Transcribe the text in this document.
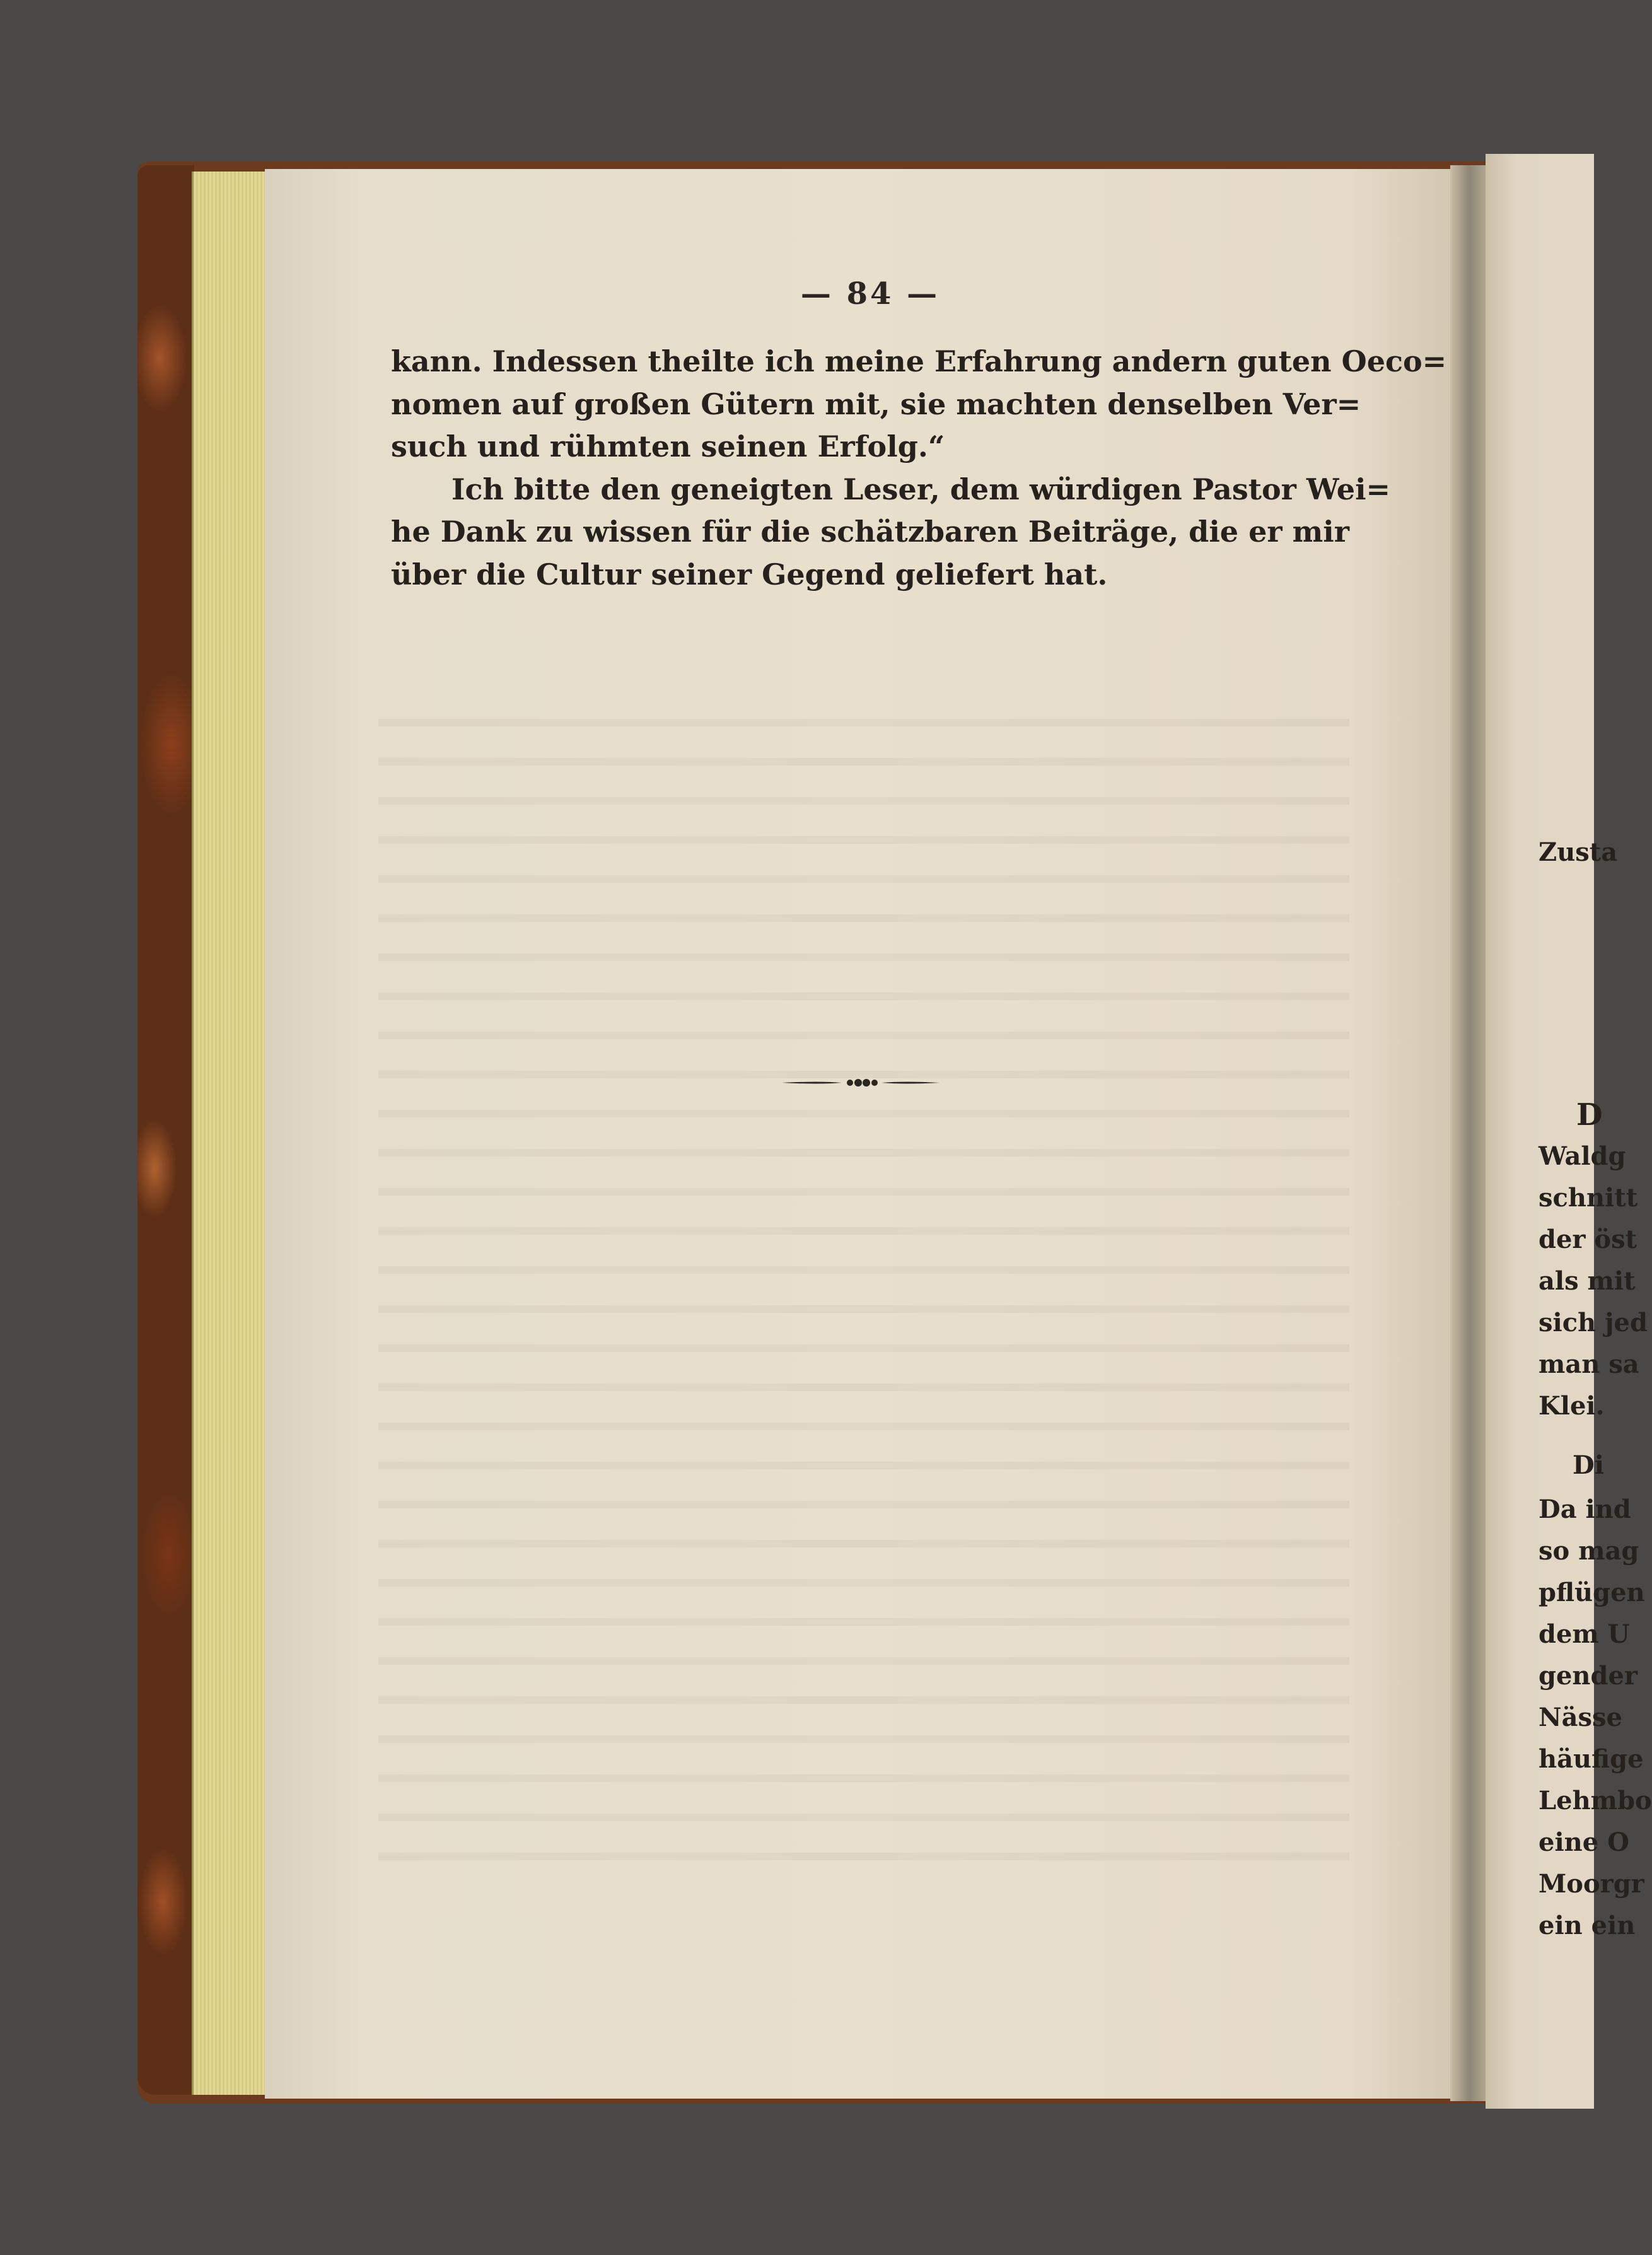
— 84 —
kann. Indessen theilte ich meine Erfahrung andern guten Oeco=
nomen auf großen Gütern mit, sie machten denselben Ver=
such und rühmten seinen Erfolg.“
Ich bitte den geneigten Leser, dem würdigen Pastor Wei=
he Dank zu wissen für die schätzbaren Beiträge, die er mir
über die Cultur seiner Gegend geliefert hat.
Zusta
D
Waldg
schnitt
der öst
als mit
sich jed
man sa
Klei.
Di
Da ind
so mag
pflügen
dem U
gender
Nässe
häufige
Lehmbo
eine O
Moorgr
ein ein
